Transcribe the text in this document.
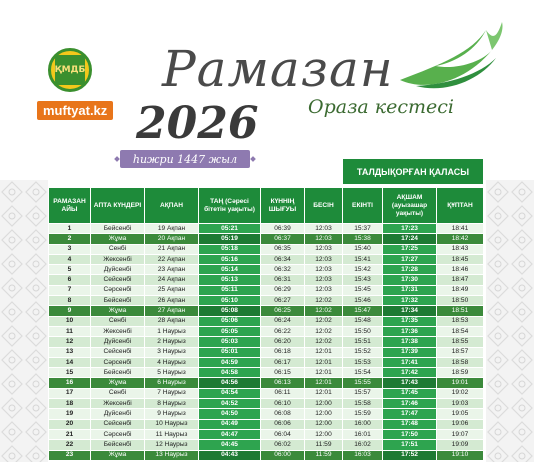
ҚМДБ
muftyat.kz
Рамазан
2026	Ораза кестесі
һижри 1447 жыл
ТАЛДЫҚОРҒАН ҚАЛАСЫ
РАМАЗАН АЙЫ	АПТА КҮНДЕРІ	АҚПАН	ТАҢ (Сәресі бітетін уақыты)	КҮННІҢ ШЫҒУЫ	БЕСІН	ЕКІНТІ	АҚШАМ (ауызашар уақыты)	ҚҰПТАН
1	Бейсенбі	19 Ақпан	05:21	06:39	12:03	15:37	17:23	18:41
2	Жұма	20 Ақпан	05:19	06:37	12:03	15:38	17:24	18:42
3	Сенбі	21 Ақпан	05:18	06:35	12:03	15:40	17:25	18:43
4	Жексенбі	22 Ақпан	05:16	06:34	12:03	15:41	17:27	18:45
5	Дүйсенбі	23 Ақпан	05:14	06:32	12:03	15:42	17:28	18:46
6	Сейсенбі	24 Ақпан	05:13	06:31	12:03	15:43	17:30	18:47
7	Сәрсенбі	25 Ақпан	05:11	06:29	12:03	15:45	17:31	18:49
8	Бейсенбі	26 Ақпан	05:10	06:27	12:02	15:46	17:32	18:50
9	Жұма	27 Ақпан	05:08	06:25	12:02	15:47	17:34	18:51
10	Сенбі	28 Ақпан	05:06	06:24	12:02	15:48	17:35	18:53
11	Жексенбі	1 Наурыз	05:05	06:22	12:02	15:50	17:36	18:54
12	Дүйсенбі	2 Наурыз	05:03	06:20	12:02	15:51	17:38	18:55
13	Сейсенбі	3 Наурыз	05:01	06:18	12:01	15:52	17:39	18:57
14	Сәрсенбі	4 Наурыз	04:59	06:17	12:01	15:53	17:41	18:58
15	Бейсенбі	5 Наурыз	04:58	06:15	12:01	15:54	17:42	18:59
16	Жұма	6 Наурыз	04:56	06:13	12:01	15:55	17:43	19:01
17	Сенбі	7 Наурыз	04:54	06:11	12:01	15:57	17:45	19:02
18	Жексенбі	8 Наурыз	04:52	06:10	12:00	15:58	17:46	19:03
19	Дүйсенбі	9 Наурыз	04:50	06:08	12:00	15:59	17:47	19:05
20	Сейсенбі	10 Наурыз	04:49	06:06	12:00	16:00	17:48	19:06
21	Сәрсенбі	11 Наурыз	04:47	06:04	12:00	16:01	17:50	19:07
22	Бейсенбі	12 Наурыз	04:45	06:02	11:59	16:02	17:51	19:09
23	Жұма	13 Наурыз	04:43	06:00	11:59	16:03	17:52	19:10
